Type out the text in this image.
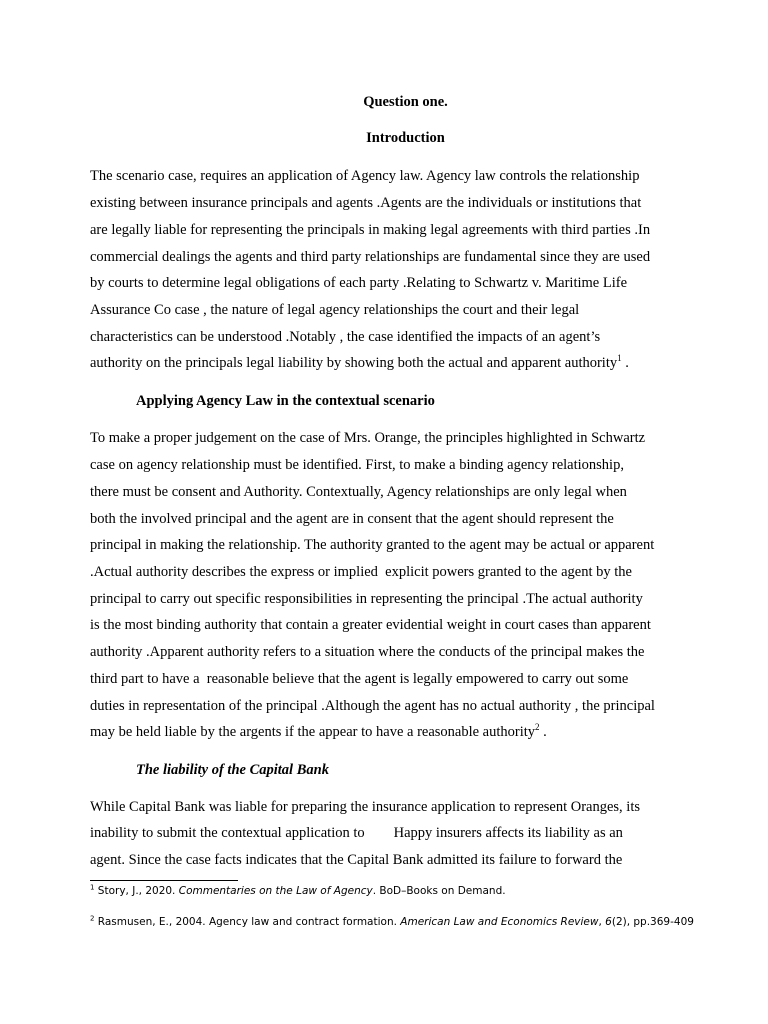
Question one.
Introduction
The scenario case, requires an application of Agency law. Agency law controls the relationship
existing between insurance principals and agents .Agents are the individuals or institutions that
are legally liable for representing the principals in making legal agreements with third parties .In
commercial dealings the agents and third party relationships are fundamental since they are used
by courts to determine legal obligations of each party .Relating to Schwartz v. Maritime Life
Assurance Co case , the nature of legal agency relationships the court and their legal
characteristics can be understood .Notably , the case identified the impacts of an agent’s
authority on the principals legal liability by showing both the actual and apparent authority$^1$ .
Applying Agency Law in the contextual scenario
To make a proper judgement on the case of Mrs. Orange, the principles highlighted in Schwartz
case on agency relationship must be identified. First, to make a binding agency relationship,
there must be consent and Authority. Contextually, Agency relationships are only legal when
both the involved principal and the agent are in consent that the agent should represent the
principal in making the relationship. The authority granted to the agent may be actual or apparent
.Actual authority describes the express or implied  explicit powers granted to the agent by the
principal to carry out specific responsibilities in representing the principal .The actual authority
is the most binding authority that contain a greater evidential weight in court cases than apparent
authority .Apparent authority refers to a situation where the conducts of the principal makes the
third part to have a  reasonable believe that the agent is legally empowered to carry out some
duties in representation of the principal .Although the agent has no actual authority , the principal
may be held liable by the argents if the appear to have a reasonable authority$^2$ .
The liability of the Capital Bank
While Capital Bank was liable for preparing the insurance application to represent Oranges, its
inability to submit the contextual application to        Happy insurers affects its liability as an
agent. Since the case facts indicates that the Capital Bank admitted its failure to forward the
$^1$ Story, J., 2020. Commentaries on the Law of Agency. BoD–Books on Demand.
$^2$ Rasmusen, E., 2004. Agency law and contract formation. American Law and Economics Review, 6(2), pp.369-409
